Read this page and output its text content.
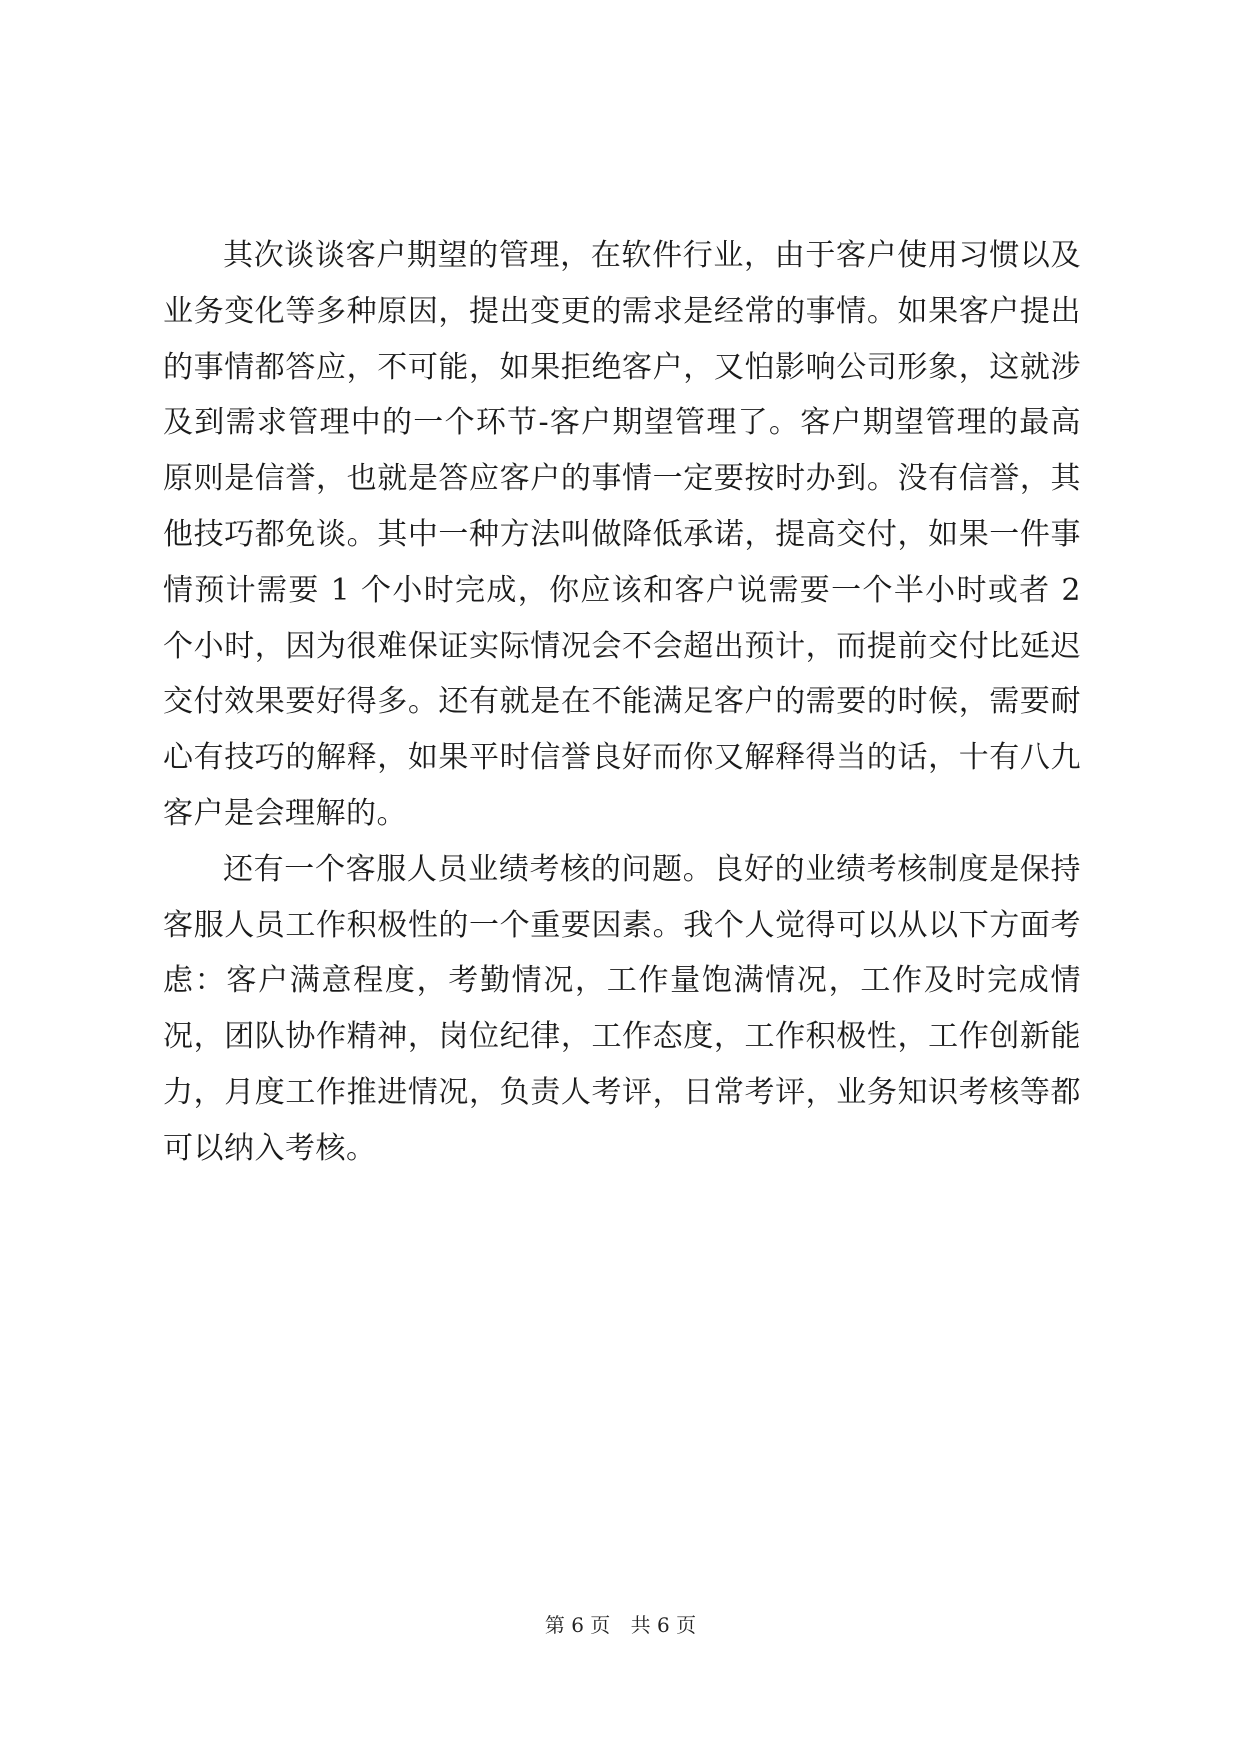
其次谈谈客户期望的管理，在软件行业，由于客户使用习惯以及业务变化等多种原因，提出变更的需求是经常的事情。如果客户提出的事情都答应，不可能，如果拒绝客户，又怕影响公司形象，这就涉及到需求管理中的一个环节-客户期望管理了。客户期望管理的最高原则是信誉，也就是答应客户的事情一定要按时办到。没有信誉，其他技巧都免谈。其中一种方法叫做降低承诺，提高交付，如果一件事情预计需要 1 个小时完成，你应该和客户说需要一个半小时或者 2 个小时，因为很难保证实际情况会不会超出预计，而提前交付比延迟交付效果要好得多。还有就是在不能满足客户的需要的时候，需要耐心有技巧的解释，如果平时信誉良好而你又解释得当的话，十有八九客户是会理解的。

还有一个客服人员业绩考核的问题。良好的业绩考核制度是保持客服人员工作积极性的一个重要因素。我个人觉得可以从以下方面考虑：客户满意程度，考勤情况，工作量饱满情况，工作及时完成情况，团队协作精神，岗位纪律，工作态度，工作积极性，工作创新能力，月度工作推进情况，负责人考评，日常考评，业务知识考核等都可以纳入考核。

第 6 页 共 6 页
